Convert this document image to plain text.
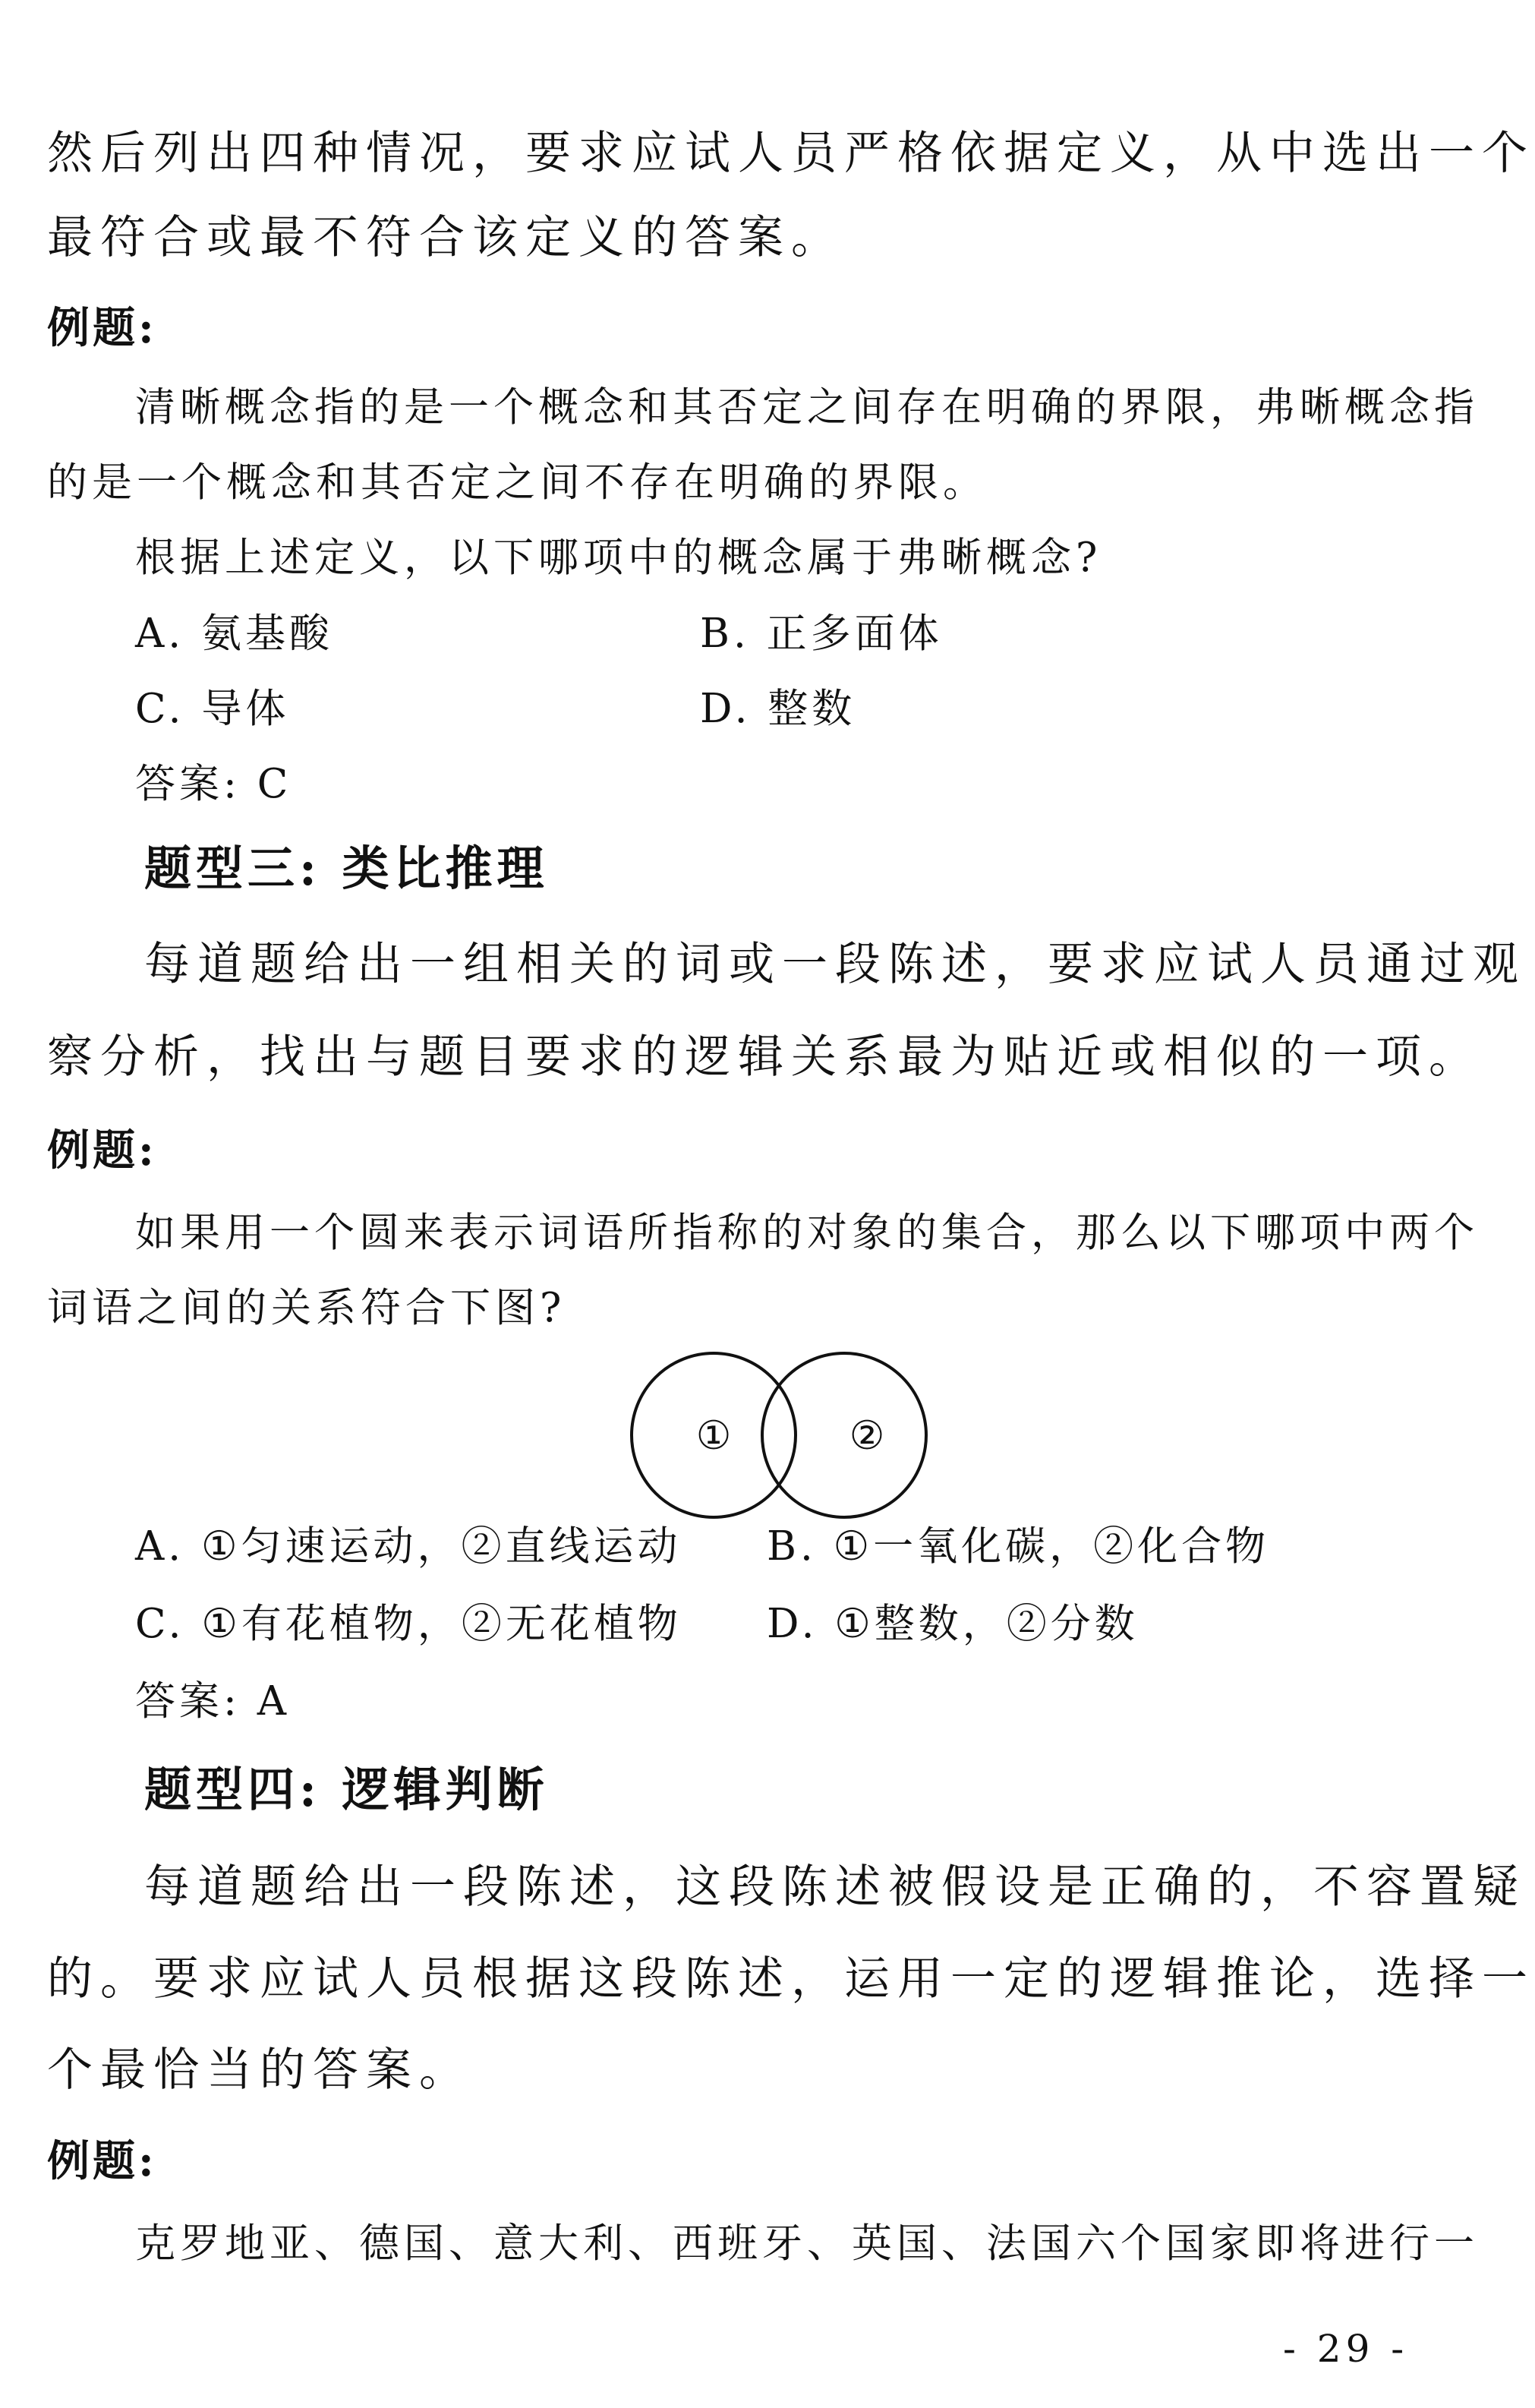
然后列出四种情况，要求应试人员严格依据定义，从中选出一个
最符合或最不符合该定义的答案。
例题:
清晰概念指的是一个概念和其否定之间存在明确的界限，弗晰概念指
的是一个概念和其否定之间不存在明确的界限。
根据上述定义，以下哪项中的概念属于弗晰概念?
A. 氨基酸	B. 正多面体
C. 导体	D. 整数
答案: C
题型三: 类比推理
每道题给出一组相关的词或一段陈述，要求应试人员通过观
察分析，找出与题目要求的逻辑关系最为贴近或相似的一项。
例题:
如果用一个圆来表示词语所指称的对象的集合，那么以下哪项中两个
词语之间的关系符合下图?
①	②
A. ①匀速运动，②直线运动 B. ①一氧化碳，②化合物
C. ①有花植物，②无花植物 D. ①整数，②分数
答案: A
题型四: 逻辑判断
每道题给出一段陈述，这段陈述被假设是正确的，不容置疑
的。要求应试人员根据这段陈述，运用一定的逻辑推论，选择一
个最恰当的答案。
例题:
克罗地亚、德国、意大利、西班牙、英国、法国六个国家即将进行一
- 29 -
